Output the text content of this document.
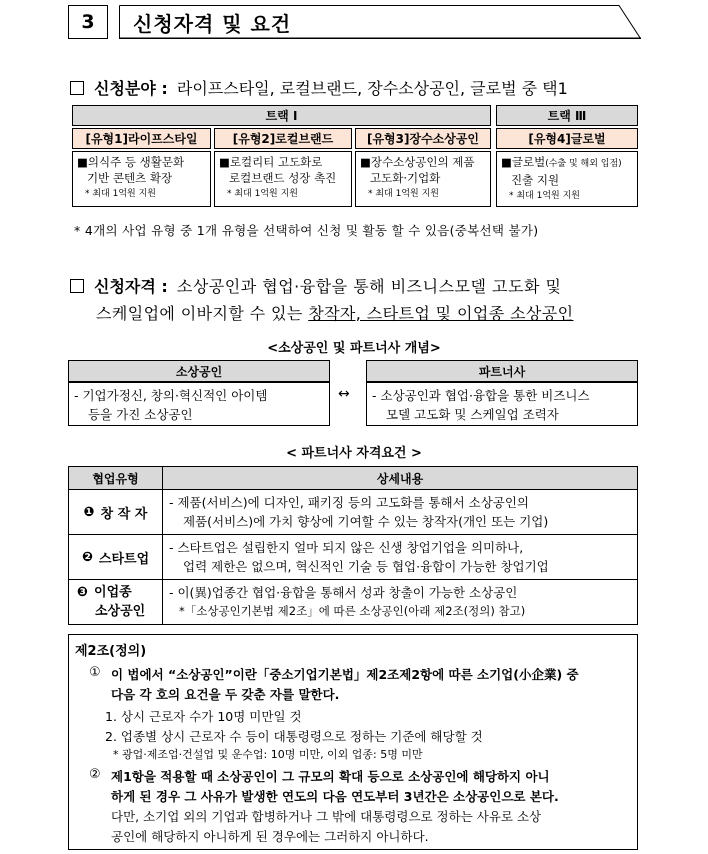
3	신청자격 및 요건
신청분야 : 라이프스타일, 로컬브랜드, 장수소상공인, 글로벌 중 택1
트랙 Ⅰ	트랙 Ⅲ
[유형1]라이프스타일	[유형2]로컬브랜드	[유형3]장수소상공인	[유형4]글로벌
■의식주 등 생활문화
기반 콘텐츠 확장
* 최대 1억원 지원
■로컬리티 고도화로
로컬브랜드 성장 촉진
* 최대 1억원 지원
■장수소상공인의 제품
고도화·기업화
* 최대 1억원 지원
■글로벌(수출 및 해외 입점)
진출 지원
* 최대 1억원 지원
* 4개의 사업 유형 중 1개 유형을 선택하여 신청 및 활동 할 수 있음(중복선택 불가)
신청자격 : 소상공인과 협업·융합을 통해 비즈니스모델 고도화 및
스케일업에 이바지할 수 있는 창작자, 스타트업 및 이업종 소상공인
<소상공인 및 파트너사 개념>
소상공인
- 기업가정신, 창의·혁신적인 아이템
등을 가진 소상공인
↔
파트너사
- 소상공인과 협업·융합을 통한 비즈니스
모델 고도화 및 스케일업 조력자
< 파트너사 자격요건 >
협업유형	상세내용
❶ 창 작 자
- 제품(서비스)에 디자인, 패키징 등의 고도화를 통해서 소상공인의
제품(서비스)에 가치 향상에 기여할 수 있는 창작자(개인 또는 기업)
❷ 스타트업
- 스타트업은 설립한지 얼마 되지 않은 신생 창업기업을 의미하나,
업력 제한은 없으며, 혁신적인 기술 등 협업·융합이 가능한 창업기업
❸ 이업종
소상공인
- 이(異)업종간 협업·융합을 통해서 성과 창출이 가능한 소상공인
*「소상공인기본법 제2조」에 따른 소상공인(아래 제2조(정의) 참고)
제2조(정의)
① 이 법에서 “소상공인”이란「중소기업기본법」제2조제2항에 따른 소기업(小企業) 중
다음 각 호의 요건을 두 갖춘 자를 말한다.
1. 상시 근로자 수가 10명 미만일 것
2. 업종별 상시 근로자 수 등이 대통령령으로 정하는 기준에 해당할 것
* 광업·제조업·건설업 및 운수업: 10명 미만, 이외 업종: 5명 미만
② 제1항을 적용할 때 소상공인이 그 규모의 확대 등으로 소상공인에 해당하지 아니
하게 된 경우 그 사유가 발생한 연도의 다음 연도부터 3년간은 소상공인으로 본다.
다만, 소기업 외의 기업과 합병하거나 그 밖에 대통령령으로 정하는 사유로 소상
공인에 해당하지 아니하게 된 경우에는 그러하지 아니하다.
